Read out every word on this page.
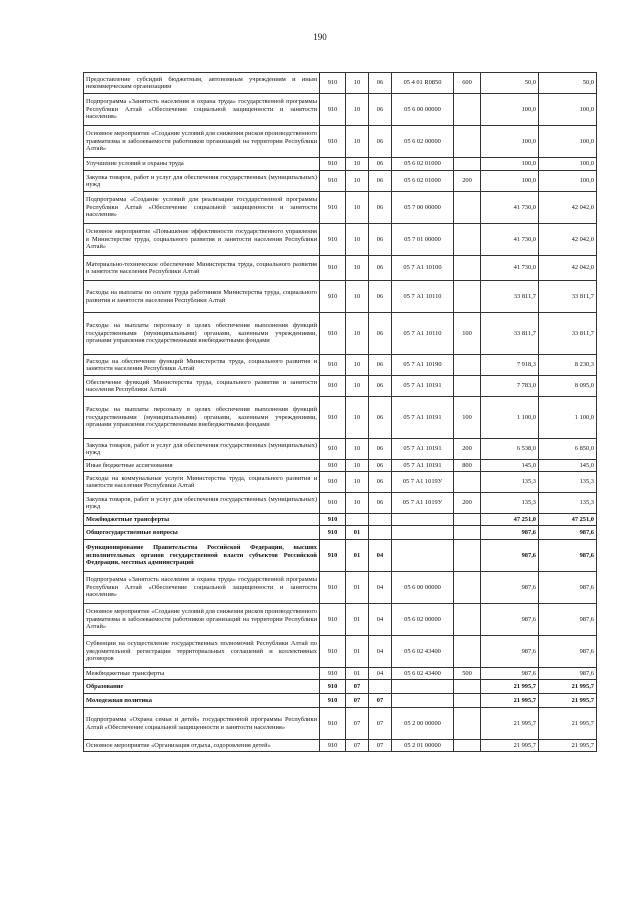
190
Предоставление субсидий бюджетным, автономным учреждениям и иным некоммерческим организациям	910	10	06	05 4 01 R0850	600	50,0	50,0
Подпрограмма «Занятость населения и охрана труда» государственной программы Республики Алтай «Обеспечение социальной защищенности и занятости населения»	910	10	06	05 6 00 00000		100,0	100,0
Основное мероприятие «Создание условий для снижения рисков производственного травматизма и заболеваемости работников организаций на территории Республики Алтай»	910	10	06	05 6 02 00000		100,0	100,0
Улучшение условий и охраны труда	910	10	06	05 6 02 01000		100,0	100,0
Закупка товаров, работ и услуг для обеспечения государственных (муниципальных) нужд	910	10	06	05 6 02 01000	200	100,0	100,0
Подпрограмма «Создание условий для реализации государственной программы Республики Алтай «Обеспечение социальной защищенности и занятости населения»	910	10	06	05 7 00 00000		41 730,0	42 042,0
Основное мероприятие «Повышение эффективности государственного управления в Министерстве труда, социального развития и занятости населения Республики Алтай»	910	10	06	05 7 01 00000		41 730,0	42 042,0
Материально-техническое обеспечение Министерства труда, социального развития и занятости населения Республики Алтай	910	10	06	05 7 А1 10100		41 730,0	42 042,0
Расходы на выплаты по оплате труда работников Министерства труда, социального развития и занятости населения Республики Алтай	910	10	06	05 7 А1 10110		33 811,7	33 811,7
Расходы на выплаты персоналу в целях обеспечения выполнения функций государственными (муниципальными) органами, казенными учреждениями, органами управления государственными внебюджетными фондами	910	10	06	05 7 А1 10110	100	33 811,7	33 811,7
Расходы на обеспечение функций Министерства труда, социального развития и занятости населения Республики Алтай	910	10	06	05 7 А1 10190		7 918,3	8 230,3
Обеспечение функций Министерства труда, социального развития и занятости населения Республики Алтай	910	10	06	05 7 А1 10191		7 783,0	8 095,0
Расходы на выплаты персоналу в целях обеспечения выполнения функций государственными (муниципальными) органами, казенными учреждениями, органами управления государственными внебюджетными фондами	910	10	06	05 7 А1 10191	100	1 100,0	1 100,0
Закупка товаров, работ и услуг для обеспечения государственных (муниципальных) нужд	910	10	06	05 7 А1 10191	200	6 538,0	6 850,0
Иные бюджетные ассигнования	910	10	06	05 7 А1 10191	800	145,0	145,0
Расходы на коммунальные услуги Министерства труда, социального развития и занятости населения Республики Алтай	910	10	06	05 7 А1 1019У		135,3	135,3
Закупка товаров, работ и услуг для обеспечения государственных (муниципальных) нужд	910	10	06	05 7 А1 1019У	200	135,3	135,3
Межбюджетные трансферты	910					47 251,0	47 251,0
Общегосударственные вопросы	910	01				987,6	987,6
Функционирование Правительства Российской Федерации, высших исполнительных органов государственной власти субъектов Российской Федерации, местных администраций	910	01	04			987,6	987,6
Подпрограмма «Занятость населения и охрана труда» государственной программы Республики Алтай «Обеспечение социальной защищенности и занятости населения»	910	01	04	05 6 00 00000		987,6	987,6
Основное мероприятие «Создание условий для снижения рисков производственного травматизма и заболеваемости работников организаций на территории Республики Алтай»	910	01	04	05 6 02 00000		987,6	987,6
Субвенции на осуществление государственных полномочий Республики Алтай по уведомительной регистрации территориальных соглашений и коллективных договоров	910	01	04	05 6 02 43400		987,6	987,6
Межбюджетные трансферты	910	01	04	05 6 02 43400	500	987,6	987,6
Образование	910	07				21 995,7	21 995,7
Молодежная политика	910	07	07			21 995,7	21 995,7
Подпрограмма «Охрана семьи и детей» государственной программы Республики Алтай «Обеспечение социальной защищенности и занятости населения»	910	07	07	05 2 00 00000		21 995,7	21 995,7
Основное мероприятие «Организация отдыха, оздоровления детей»	910	07	07	05 2 01 00000		21 995,7	21 995,7
